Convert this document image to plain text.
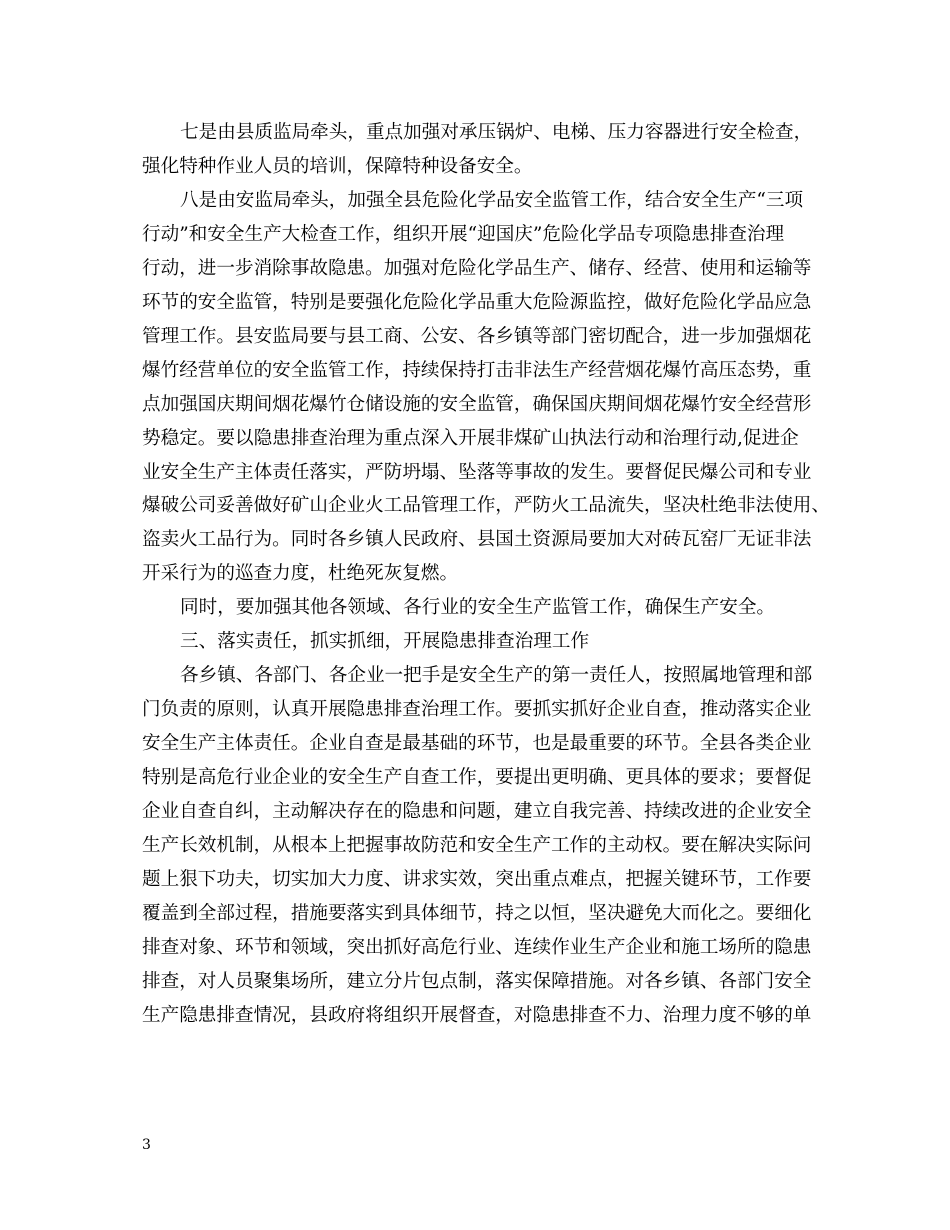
七是由县质监局牵头，重点加强对承压锅炉、电梯、压力容器进行安全检查，
强化特种作业人员的培训，保障特种设备安全。
八是由安监局牵头，加强全县危险化学品安全监管工作，结合安全生产“三项
行动”和安全生产大检查工作，组织开展“迎国庆”危险化学品专项隐患排查治理
行动，进一步消除事故隐患。加强对危险化学品生产、储存、经营、使用和运输等
环节的安全监管，特别是要强化危险化学品重大危险源监控，做好危险化学品应急
管理工作。县安监局要与县工商、公安、各乡镇等部门密切配合，进一步加强烟花
爆竹经营单位的安全监管工作，持续保持打击非法生产经营烟花爆竹高压态势，重
点加强国庆期间烟花爆竹仓储设施的安全监管，确保国庆期间烟花爆竹安全经营形
势稳定。要以隐患排查治理为重点深入开展非煤矿山执法行动和治理行动,促进企
业安全生产主体责任落实，严防坍塌、坠落等事故的发生。要督促民爆公司和专业
爆破公司妥善做好矿山企业火工品管理工作，严防火工品流失，坚决杜绝非法使用、
盗卖火工品行为。同时各乡镇人民政府、县国土资源局要加大对砖瓦窑厂无证非法
开采行为的巡查力度，杜绝死灰复燃。
同时，要加强其他各领域、各行业的安全生产监管工作，确保生产安全。
三、落实责任，抓实抓细，开展隐患排查治理工作
各乡镇、各部门、各企业一把手是安全生产的第一责任人，按照属地管理和部
门负责的原则，认真开展隐患排查治理工作。要抓实抓好企业自查，推动落实企业
安全生产主体责任。企业自查是最基础的环节，也是最重要的环节。全县各类企业
特别是高危行业企业的安全生产自查工作，要提出更明确、更具体的要求；要督促
企业自查自纠，主动解决存在的隐患和问题，建立自我完善、持续改进的企业安全
生产长效机制，从根本上把握事故防范和安全生产工作的主动权。要在解决实际问
题上狠下功夫，切实加大力度、讲求实效，突出重点难点，把握关键环节，工作要
覆盖到全部过程，措施要落实到具体细节，持之以恒，坚决避免大而化之。要细化
排查对象、环节和领域，突出抓好高危行业、连续作业生产企业和施工场所的隐患
排查，对人员聚集场所，建立分片包点制，落实保障措施。对各乡镇、各部门安全
生产隐患排查情况，县政府将组织开展督查，对隐患排查不力、治理力度不够的单
3
